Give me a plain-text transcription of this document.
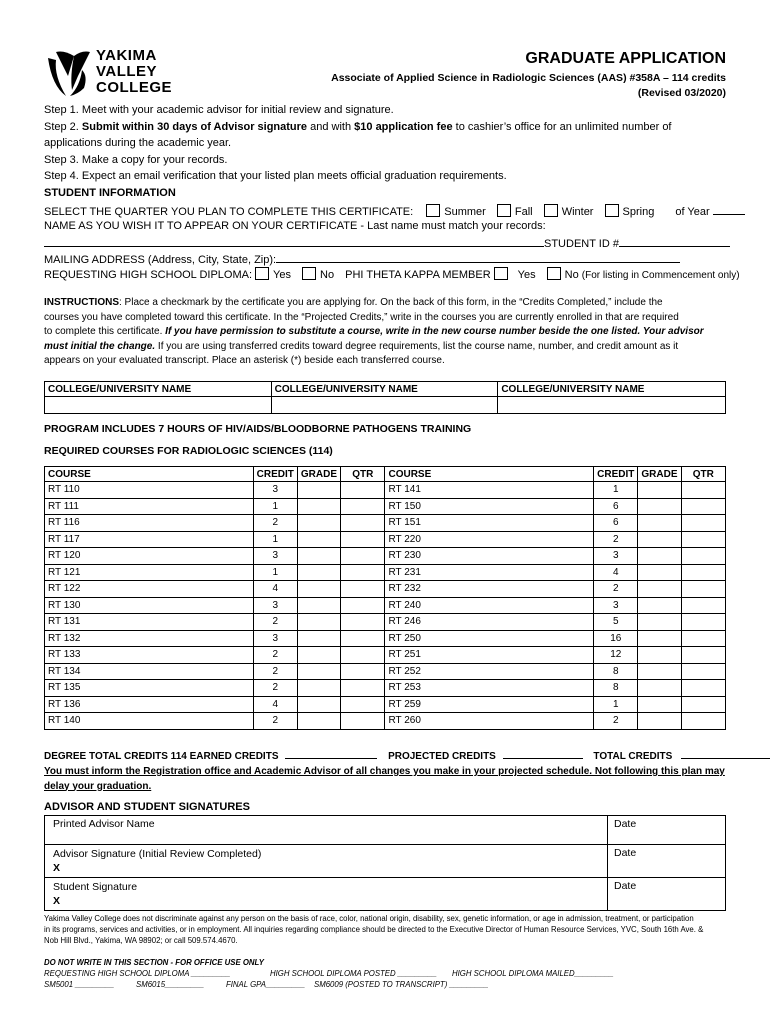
YAKIMA
VALLEY
COLLEGE
GRADUATE APPLICATION
Associate of Applied Science in Radiologic Sciences (AAS) #358A – 114 credits
(Revised 03/2020)
Step 1. Meet with your academic advisor for initial review and signature.
Step 2. Submit within 30 days of Advisor signature and with $10 application fee to cashier’s office for an unlimited number of
applications during the academic year.
Step 3. Make a copy for your records.
Step 4. Expect an email verification that your listed plan meets official graduation requirements.
STUDENT INFORMATION
SELECT THE QUARTER YOU PLAN TO COMPLETE THIS CERTIFICATE:	Summer	Fall	Winter	Spring of Year
NAME AS YOU WISH IT TO APPEAR ON YOUR CERTIFICATE - Last name must match your records:
STUDENT ID #
MAILING ADDRESS (Address, City, State, Zip):
REQUESTING HIGH SCHOOL DIPLOMA: Yes	No PHI THETA KAPPA MEMBER Yes	No (For listing in Commencement only)
INSTRUCTIONS: Place a checkmark by the certificate you are applying for. On the back of this form, in the “Credits Completed,” include the
courses you have completed toward this certificate. In the “Projected Credits,” write in the courses you are currently enrolled in that are required
to complete this certificate. If you have permission to substitute a course, write in the new course number beside the one listed. Your advisor
must initial the change. If you are using transferred credits toward degree requirements, list the course name, number, and credit amount as it
appears on your evaluated transcript. Place an asterisk (*) beside each transferred course.
COLLEGE/UNIVERSITY NAME	COLLEGE/UNIVERSITY NAME	COLLEGE/UNIVERSITY NAME

PROGRAM INCLUDES 7 HOURS OF HIV/AIDS/BLOODBORNE PATHOGENS TRAINING
REQUIRED COURSES FOR RADIOLOGIC SCIENCES (114)
COURSE	CREDIT	GRADE	QTR	COURSE	CREDIT	GRADE	QTR
RT 110	3			RT 141	1		
RT 111	1			RT 150	6		
RT 116	2			RT 151	6		
RT 117	1			RT 220	2		
RT 120	3			RT 230	3		
RT 121	1			RT 231	4		
RT 122	4			RT 232	2		
RT 130	3			RT 240	3		
RT 131	2			RT 246	5		
RT 132	3			RT 250	16		
RT 133	2			RT 251	12		
RT 134	2			RT 252	8		
RT 135	2			RT 253	8		
RT 136	4			RT 259	1		
RT 140	2			RT 260	2		
DEGREE TOTAL CREDITS 114 EARNED CREDITS	PROJECTED CREDITS	TOTAL CREDITS
You must inform the Registration office and Academic Advisor of all changes you make in your projected schedule. Not following this plan may
delay your graduation.
ADVISOR AND STUDENT SIGNATURES
Printed Advisor Name	Date

Advisor Signature (Initial Review Completed)
X	Date

Student Signature
X	Date
Yakima Valley College does not discriminate against any person on the basis of race, color, national origin, disability, sex, genetic information, or age in admission, treatment, or participation
in its programs, services and activities, or in employment. All inquiries regarding compliance should be directed to the Executive Director of Human Resource Services, YVC, South 16th Ave. &
Nob Hill Blvd., Yakima, WA 98902; or call 509.574.4670.
DO NOT WRITE IN THIS SECTION - FOR OFFICE USE ONLY
REQUESTING HIGH SCHOOL DIPLOMA _________	HIGH SCHOOL DIPLOMA POSTED _________ HIGH SCHOOL DIPLOMA MAILED_________
SM5001 _________	SM6015_________	FINAL GPA_________ SM6009 (POSTED TO TRANSCRIPT) _________
